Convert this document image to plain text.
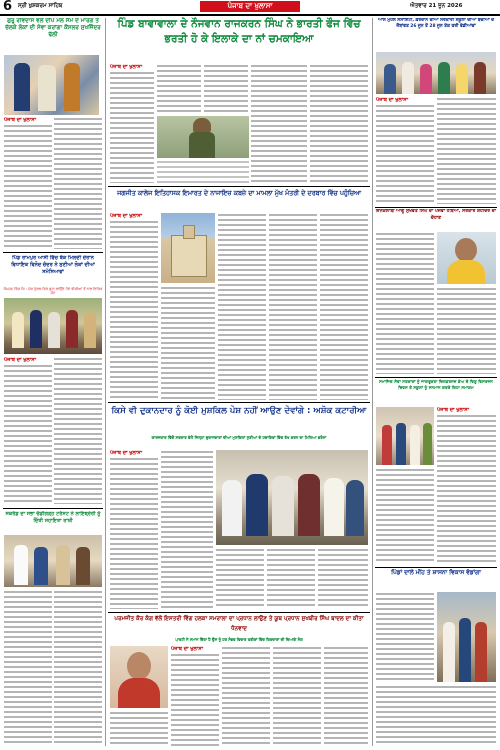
6 ਸ੍ਰੀ ਖੁਸ਼ਕਰਮ ਸਾਹਿਬ	ਪੰਜਾਬ ਦਾ ਖੁਲਾਸਾ	ਐਤਵਾਰ 21 ਜੂਨ 2026
ਗੁਰੂ ਰਵਿਦਾਸ ਵਲੋਂ ਦੀਪੇ ਮੇਲ ਸੰਮੇ ਦੇ ਮਾਰਗ ਤੇ ਚੱਲਕੇ ਲੋਕਾਂ ਦੀ ਸੇਵਾ ਕਰਾਂਗਾ ਕੌਂਸਲਰ ਸੁਖਜਿੰਦਰ ਢੱਲੀ
ਪੰਜਾਬ ਦਾ ਖੁਲਾਸਾ
ਪਿੰਡ ਰਾਮਪੁਰ ਆਸੀ ਵਿੱਚ ਬੱਕ ਮਿਲਦੀ ਦੇਰਾਨ ਵਿਧਾਇਕ ਵਿਨੋਦ ਚੰਦਰ ਨੇ ਸੁਣੀਆਂ ਲੋਕਾਂ ਦੀਆਂ ਸਮੱਸਿਆਵਾਂ
ਕੈਪਸ਼ਨ ਵਿੱਚ ਕਿ : ਸ਼ੇਰ ਨੂੰਗਲ ਵਿਖੇ ਬੂਟਾ ਲਾਉਂਦੇ ਹੋਏ ਵੀਸੀਆਂ ਤੋਂ ਨਾਲ ਇਕਿਰ ਕੋਟ
ਪੰਜਾਬ ਦਾ ਖੁਲਾਸਾ
ਸਕਰੱਡ ਦਾ ਸਭਾ ਚੰਡੀਗੜ੍ਹ ਟਰੱਸਟ ਨੇ ਲਾਇਬ੍ਰੇਰੀ ਨੂੰ ਦਿੱਤੀ ਸਹਾਇਤਾ ਰਾਸ਼ੀ
ਪਿੰਡ ਬਾਵਾਵਾਲਾ ਦੇ ਨੌਜਵਾਨ ਰਾਜਕਰਨ ਸਿੰਘ ਨੇ ਭਾਰਤੀ ਫੌਜ ਵਿੱਚ ਭਰਤੀ ਹੋ ਕੇ ਇਲਾਕੇ ਦਾ ਨਾਂ ਚਮਕਾਇਆ
ਪੰਜਾਬ ਦਾ ਖੁਲਾਸਾ
ਜਗਜੀਤ ਕਾਲੇਜ ਇਤਿਹਾਸਕ ਇਮਾਰਤ ਦੇ ਨਾਜਾਇਜ਼ ਕਬਜ਼ੇ ਦਾ ਮਾਮਲਾ ਮੁੱਖ ਮੰਤਰੀ ਦੇ ਦਰਬਾਰ ਵਿੱਚ ਪਹੁੰਚਿਆ
ਪੰਜਾਬ ਦਾ ਖੁਲਾਸਾ
ਕਿਸੇ ਵੀ ਦੁਕਾਨਦਾਰ ਨੂੰ ਕੋਈ ਮੁਸ਼ਕਿਲ ਪੇਸ਼ ਨਹੀਂ ਆਉਣ ਦੇਵਾਂਗੇ : ਅਸ਼ੋਕ ਕਟਾਰੀਆ
ਕਾਰਜਕਾਰ ਵਿੱਚੋਂ ਸਰਕਾਰ ਵੱਲੋਂ ਜਿਲ੍ਹਾ ਦੁਕਾਨਦਾਰਾਂ ਦੀਆਂ ਮੁਸ਼ਕਿਲਾਂ ਸੁਣੀਆਂ ਦੇ ਹਦਾਇਤਾਂ ਵਿੱਚ ਰੱਖ ਕਰਨ ਦਾ ਮਿਲਿਆ ਭਰੋਸਾ
ਪੰਜਾਬ ਦਾ ਖੁਲਾਸਾ
ਪਰਮਜੀਤ ਕੌਰ ਕੰਗ ਵੱਲੋਂ ਇਸਤਰੀ ਵਿੰਗ ਹਲਕਾ ਸਮਰਾਲਾ ਦਾ ਪ੍ਰਧਾਨ ਲਾਉਣ ਤੇ ਯੂਥ ਪ੍ਰਧਾਨ ਸੁਖਬੀਰ ਸਿੰਘ ਬਾਦਲ ਦਾ ਕੀਤਾ ਧੰਨਵਾਦ
ਪਾਰਟੀ ਨੇ ਸਮਾਨ ਦਿੱਤਾ ਹੈ ਉਸ ਨੂੰ ਹਰ ਸੰਭਵ ਵਿਚਾਰ ਤਰੀਕਾਂ ਵਿੱਚ ਕਿਰਦਾਰਾਂ ਦੀ ਦਿਆਂਗੇ ਸੰਗ
ਪੰਜਾਬ ਦਾ ਖੁਲਾਸਾ
ਆਲੇ ਮੁਹੱਲੇ ਸੋਸਾਇਟੀ, ਫ਼ਰਦਾਨ ਦੀਆਂ ਸਰਕਾਰੀ ਸਕੂਲਾਂ ਦੀਆਂ ਬੱਚੀਆਂ ਦੇ ਜੌਬਾਂਵਤ 26 ਜੂਨ ਤੋਂ 28 ਜੂਨ ਤੱਕ ਫਰੀ ਵੱਡੀਆਂਵਾਂ
ਪੰਜਾਬ ਦਾ ਖੁਲਾਸਾ
ਇਨਕਲਾਬੀ ਆਗੂ ਸੁਖਵੰਤ ਸਿੰਘ ਦਾ ਪੰਜਵਾਂ ਹੱਥਿਆ, ਸਰਕਾਰ ਸ਼ਹੀਦਰ ਦਾ ਦੋਹਾਣ
ਸਮਾਜਿਕ ਸੇਵਾ ਸਤਕਾਰਾਂ ਨੂੰ ਜਾਗਰੂਕਤਾ ਚਿਲਡਰਨਜ਼ ਡੇਅ ਦੇ ਵਿਸ਼ੂ ਵਿਸਰਜਨ ਦਿਵਸ ਤੇ ਸਕੂਲਾਂ ਨੂੰ ਸਨਮਾਨ ਕਰਕੇ ਕਿਹਾ ਸਮਾਗਮ
ਪੰਜਾਬ ਦਾ ਖੁਲਾਸਾ
ਪਿੰਡਾਂ ਦਾਲੇ ਮੀਂਹ ਤੇ ਸ਼ਾਸਨਾ ਵਿਕਾਸ ਵੱਡਾਂਗਾ
